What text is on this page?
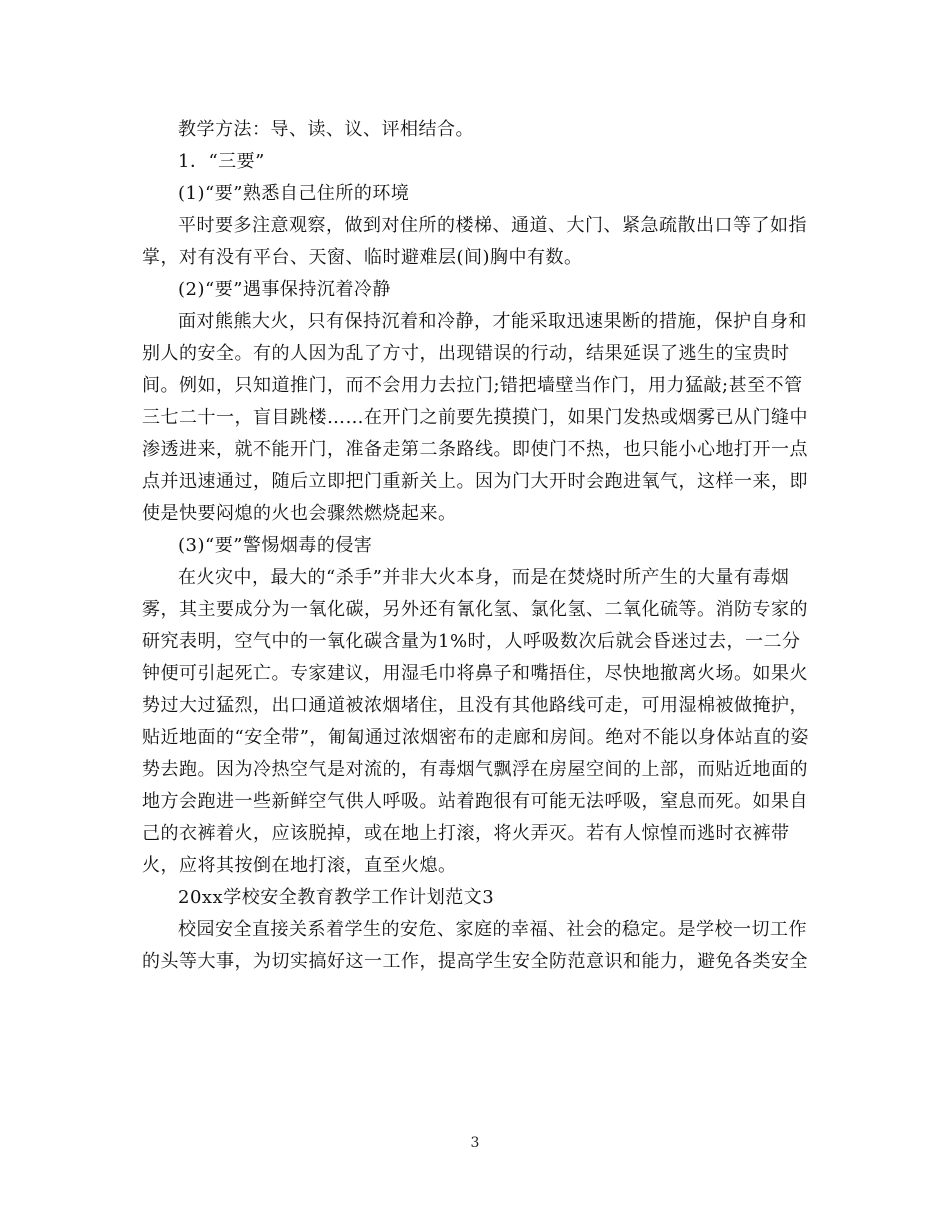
教学方法：导、读、议、评相结合。
1．“三要”
(1)“要”熟悉自己住所的环境
平时要多注意观察，做到对住所的楼梯、通道、大门、紧急疏散出口等了如指
掌，对有没有平台、天窗、临时避难层(间)胸中有数。
(2)“要”遇事保持沉着冷静
面对熊熊大火，只有保持沉着和冷静，才能采取迅速果断的措施，保护自身和
别人的安全。有的人因为乱了方寸，出现错误的行动，结果延误了逃生的宝贵时
间。例如，只知道推门，而不会用力去拉门;错把墙壁当作门，用力猛敲;甚至不管
三七二十一，盲目跳楼……在开门之前要先摸摸门，如果门发热或烟雾已从门缝中
渗透进来，就不能开门，准备走第二条路线。即使门不热，也只能小心地打开一点
点并迅速通过，随后立即把门重新关上。因为门大开时会跑进氧气，这样一来，即
使是快要闷熄的火也会骤然燃烧起来。
(3)“要”警惕烟毒的侵害
在火灾中，最大的“杀手”并非大火本身，而是在焚烧时所产生的大量有毒烟
雾，其主要成分为一氧化碳，另外还有氰化氢、氯化氢、二氧化硫等。消防专家的
研究表明，空气中的一氧化碳含量为1%时，人呼吸数次后就会昏迷过去，一二分
钟便可引起死亡。专家建议，用湿毛巾将鼻子和嘴捂住，尽快地撤离火场。如果火
势过大过猛烈，出口通道被浓烟堵住，且没有其他路线可走，可用湿棉被做掩护，
贴近地面的“安全带”，匍匐通过浓烟密布的走廊和房间。绝对不能以身体站直的姿
势去跑。因为冷热空气是对流的，有毒烟气飘浮在房屋空间的上部，而贴近地面的
地方会跑进一些新鲜空气供人呼吸。站着跑很有可能无法呼吸，窒息而死。如果自
己的衣裤着火，应该脱掉，或在地上打滚，将火弄灭。若有人惊惶而逃时衣裤带
火，应将其按倒在地打滚，直至火熄。
20xx学校安全教育教学工作计划范文3
校园安全直接关系着学生的安危、家庭的幸福、社会的稳定。是学校一切工作
的头等大事，为切实搞好这一工作，提高学生安全防范意识和能力，避免各类安全
3
